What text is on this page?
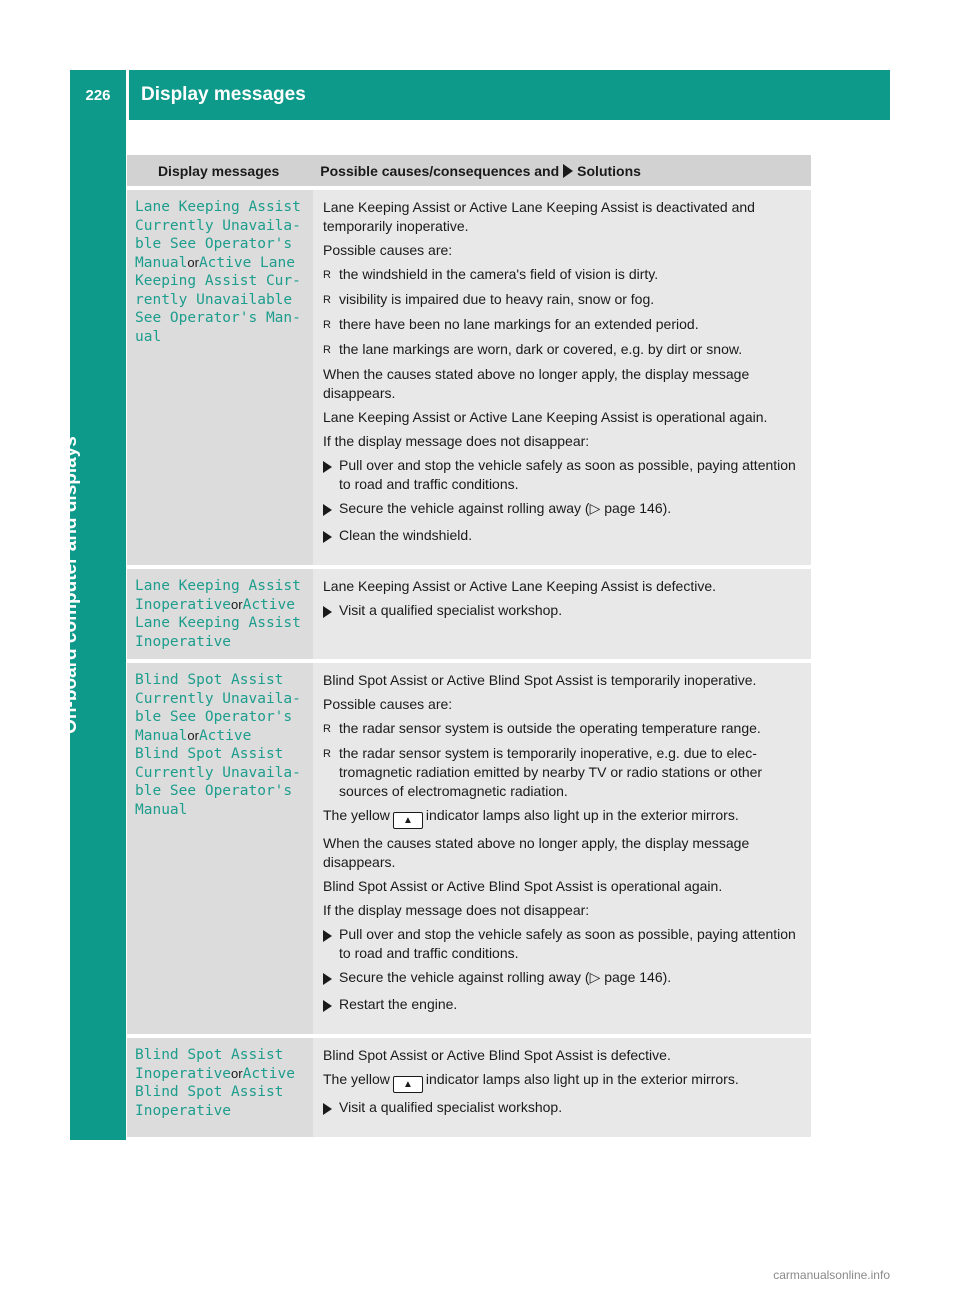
226	Display messages
On-board computer and displays
Display messages	Possible causes/consequences and Solutions
Lane Keeping Assist
Currently Unavaila‐
ble See Operator's
ManualorActive Lane
Keeping Assist Cur‐
rently Unavailable
See Operator's Man‐
ual

Lane Keeping Assist or Active Lane Keeping Assist is deactivated and temporarily inoperative.

Possible causes are:

R the windshield in the camera's field of vision is dirty.
R visibility is impaired due to heavy rain, snow or fog.
R there have been no lane markings for an extended period.
R the lane markings are worn, dark or covered, e.g. by dirt or snow.

When the causes stated above no longer apply, the display message disappears.

Lane Keeping Assist or Active Lane Keeping Assist is operational again.

If the display message does not disappear:

Pull over and stop the vehicle safely as soon as possible, paying attention to road and traffic conditions.
Secure the vehicle against rolling away (▷ page 146).
Clean the windshield.
Lane Keeping Assist
InoperativeorActive
Lane Keeping Assist
Inoperative

Lane Keeping Assist or Active Lane Keeping Assist is defective.

Visit a qualified specialist workshop.
Blind Spot Assist
Currently Unavaila‐
ble See Operator's
ManualorActive
Blind Spot Assist
Currently Unavaila‐
ble See Operator's
Manual

Blind Spot Assist or Active Blind Spot Assist is temporarily inoperative.

Possible causes are:

R the radar sensor system is outside the operating temperature range.
R the radar sensor system is temporarily inoperative, e.g. due to elec‐ tromagnetic radiation emitted by nearby TV or radio stations or other sources of electromagnetic radiation.

The yellow ▲ indicator lamps also light up in the exterior mirrors.

When the causes stated above no longer apply, the display message disappears.

Blind Spot Assist or Active Blind Spot Assist is operational again.

If the display message does not disappear:

Pull over and stop the vehicle safely as soon as possible, paying attention to road and traffic conditions.
Secure the vehicle against rolling away (▷ page 146).
Restart the engine.
Blind Spot Assist
InoperativeorActive
Blind Spot Assist
Inoperative

Blind Spot Assist or Active Blind Spot Assist is defective.

The yellow ▲ indicator lamps also light up in the exterior mirrors.

Visit a qualified specialist workshop.
carmanualsonline.info
